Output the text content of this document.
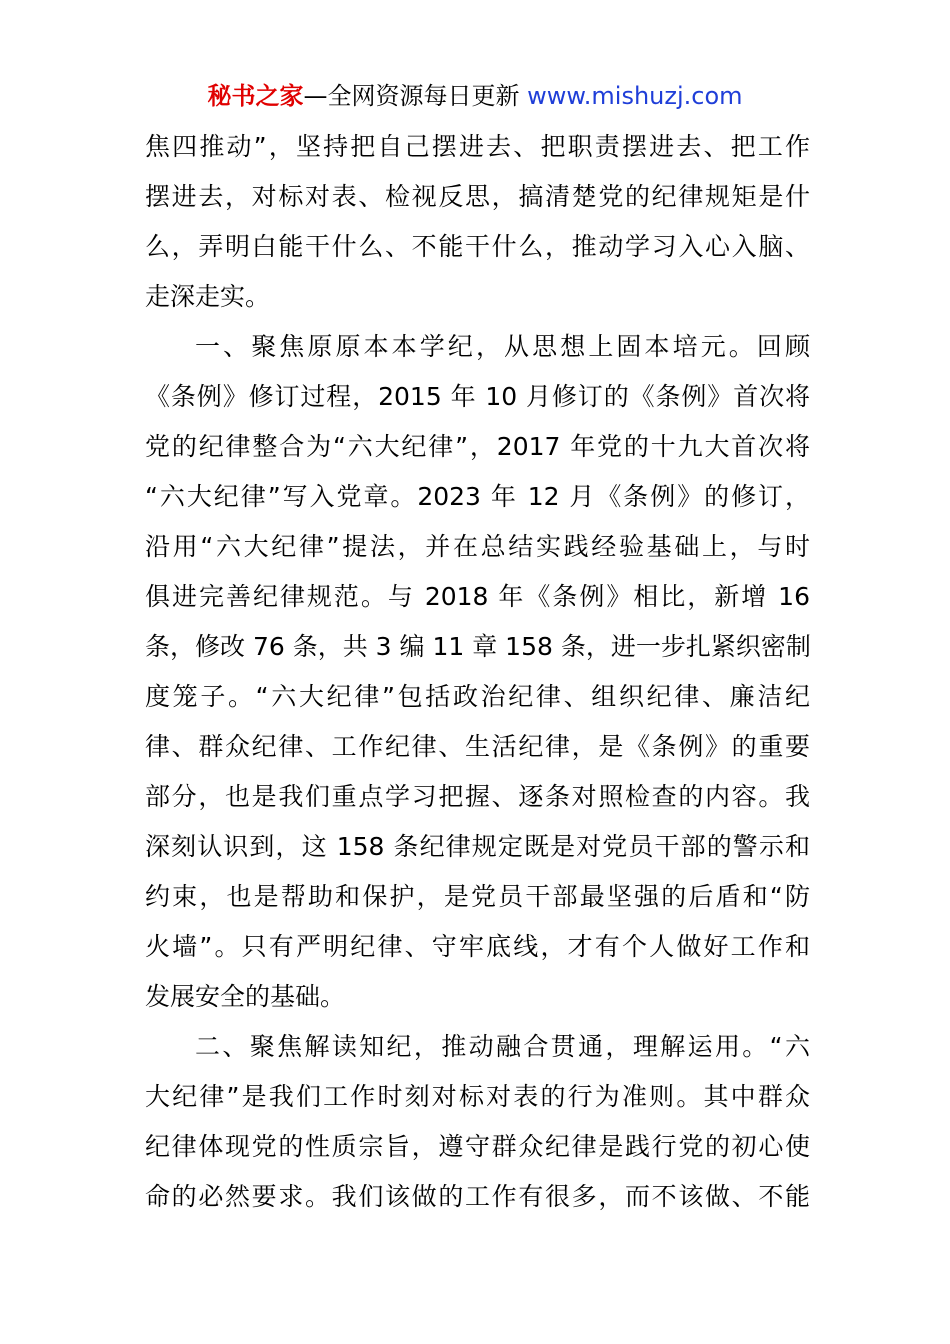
秘书之家—全网资源每日更新 www.mishuzj.com
焦四推动”，坚持把自己摆进去、把职责摆进去、把工作
摆进去，对标对表、检视反思，搞清楚党的纪律规矩是什
么，弄明白能干什么、不能干什么，推动学习入心入脑、
走深走实。
一、聚焦原原本本学纪，从思想上固本培元。回顾
《条例》修订过程，2015 年 10 月修订的《条例》首次将
党的纪律整合为“六大纪律”，2017 年党的十九大首次将
“六大纪律”写入党章。2023 年 12 月《条例》的修订，
沿用“六大纪律”提法，并在总结实践经验基础上，与时
俱进完善纪律规范。与 2018 年《条例》相比，新增 16
条，修改 76 条，共 3 编 11 章 158 条，进一步扎紧织密制
度笼子。“六大纪律”包括政治纪律、组织纪律、廉洁纪
律、群众纪律、工作纪律、生活纪律，是《条例》的重要
部分，也是我们重点学习把握、逐条对照检查的内容。我
深刻认识到，这 158 条纪律规定既是对党员干部的警示和
约束，也是帮助和保护，是党员干部最坚强的后盾和“防
火墙”。只有严明纪律、守牢底线，才有个人做好工作和
发展安全的基础。
二、聚焦解读知纪，推动融合贯通，理解运用。“六
大纪律”是我们工作时刻对标对表的行为准则。其中群众
纪律体现党的性质宗旨，遵守群众纪律是践行党的初心使
命的必然要求。我们该做的工作有很多，而不该做、不能
